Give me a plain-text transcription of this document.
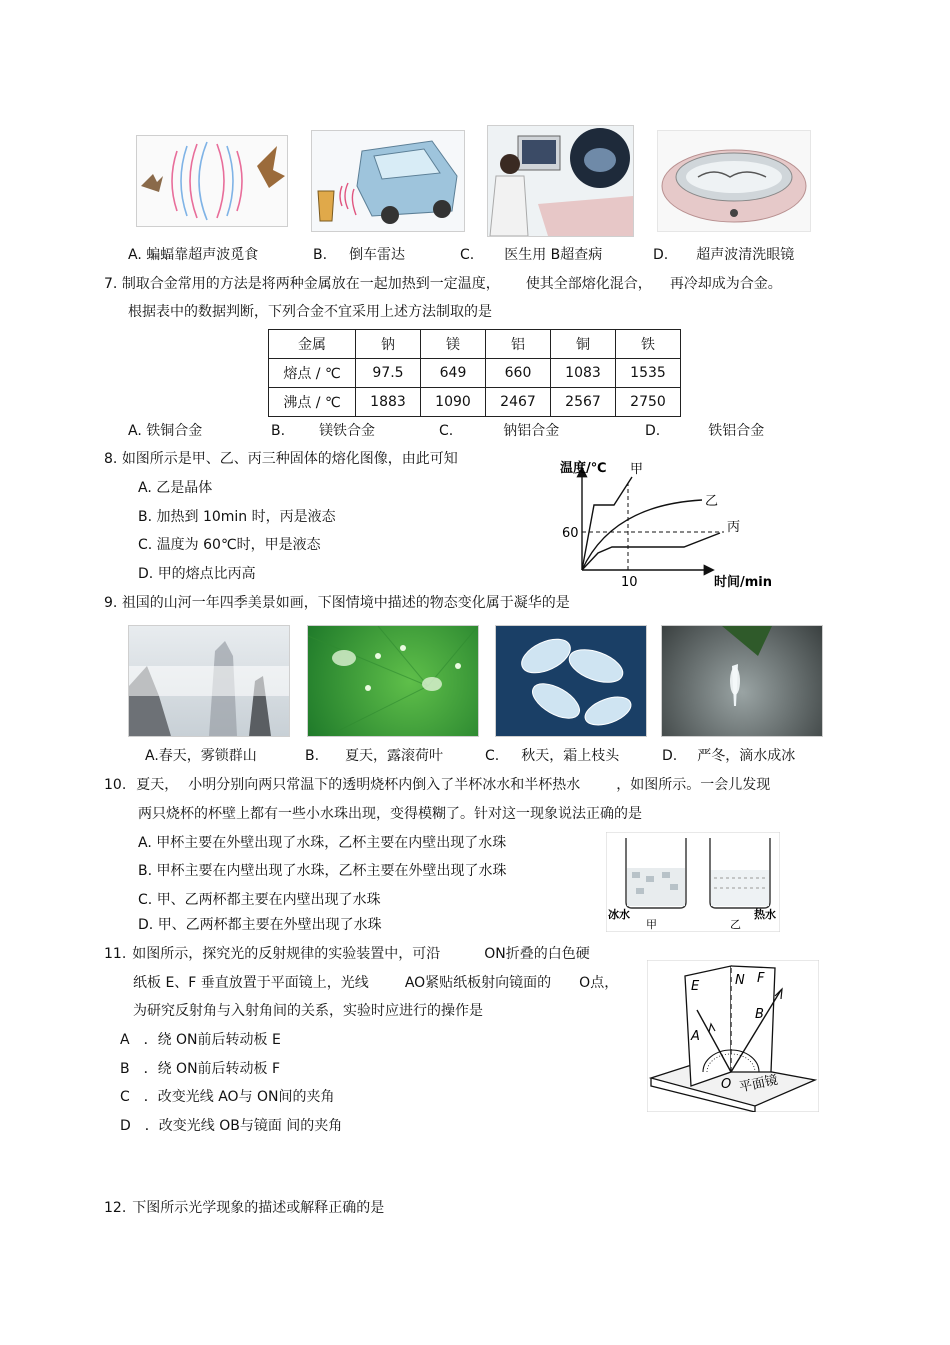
A. 蝙蝠靠超声波觅食	B. 倒车雷达	C. 医生用 B超查病	D. 超声波清洗眼镜
7. 制取合金常用的方法是将两种金属放在一起加热到一定温度， 使其全部熔化混合， 再冷却成为合金。
根据表中的数据判断，下列合金不宜采用上述方法制取的是
金属	钠	镁	铝	铜	铁
熔点 / ℃	97.5	649	660	1083	1535
沸点 / ℃	1883	1090	2467	2567	2750
A. 铁铜合金	B. 镁铁合金	C.	钠铝合金	D.	铁铝合金
8. 如图所示是甲、乙、丙三种固体的熔化图像，由此可知
A. 乙是晶体
B. 加热到 10min 时，丙是液态
C. 温度为 60℃时，甲是液态
D. 甲的熔点比丙高
温度/℃
时间/min
60
10
甲
乙
丙
9. 祖国的山河一年四季美景如画，下图情境中描述的物态变化属于凝华的是
A.春天，雾锁群山	B. 夏天，露滚荷叶	C. 秋天，霜上枝头	D. 严冬，滴水成冰
10. 夏天， 小明分别向两只常温下的透明烧杯内倒入了半杯冰水和半杯热水	，如图所示。一会儿发现
两只烧杯的杯壁上都有一些小水珠出现，变得模糊了。针对这一现象说法正确的是
A. 甲杯主要在外壁出现了水珠，乙杯主要在内壁出现了水珠
B. 甲杯主要在内壁出现了水珠，乙杯主要在外壁出现了水珠
C. 甲、乙两杯都主要在内壁出现了水珠
D. 甲、乙两杯都主要在外壁出现了水珠
冰水
甲
热水
乙
11. 如图所示，探究光的反射规律的实验装置中，可沿	ON折叠的白色硬
纸板 E、F 垂直放置于平面镜上，光线	AO紧贴纸板射向镜面的 O点，
为研究反射角与入射角间的关系，实验时应进行的操作是
A ．绕 ON前后转动板 E
B ．绕 ON前后转动板 F
C ．改变光线 AO与 ON间的夹角
D ．改变光线 OB与镜面 间的夹角
E	N F
A
B
O 平面镜
12. 下图所示光学现象的描述或解释正确的是
